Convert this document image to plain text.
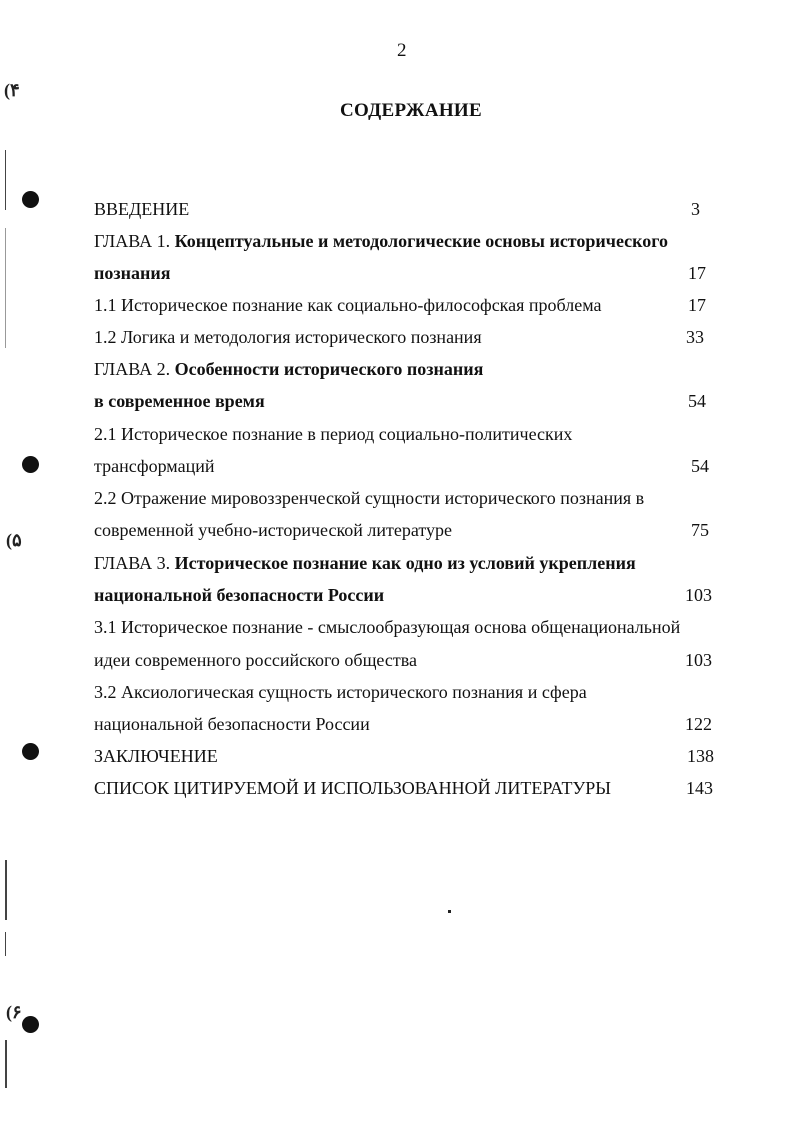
(۴
(۵
(۶
2
СОДЕРЖАНИЕ
ВВЕДЕНИЕ	3
ГЛАВА 1. Концептуальные и методологические основы исторического
познания	17
1.1 Историческое познание как социально-философская проблема	17
1.2 Логика и методология исторического познания	33
ГЛАВА 2. Особенности исторического познания
в современное время	54
2.1 Историческое познание в период социально-политических
трансформаций	54
2.2 Отражение мировоззренческой сущности исторического познания в
современной учебно-исторической литературе	75
ГЛАВА 3. Историческое познание как одно из условий укрепления
национальной безопасности России	103
3.1 Историческое познание - смыслообразующая основа общенациональной
идеи современного российского общества	103
3.2 Аксиологическая сущность исторического познания и сфера
национальной безопасности России	122
ЗАКЛЮЧЕНИЕ	138
СПИСОК ЦИТИРУЕМОЙ И ИСПОЛЬЗОВАННОЙ ЛИТЕРАТУРЫ	143
